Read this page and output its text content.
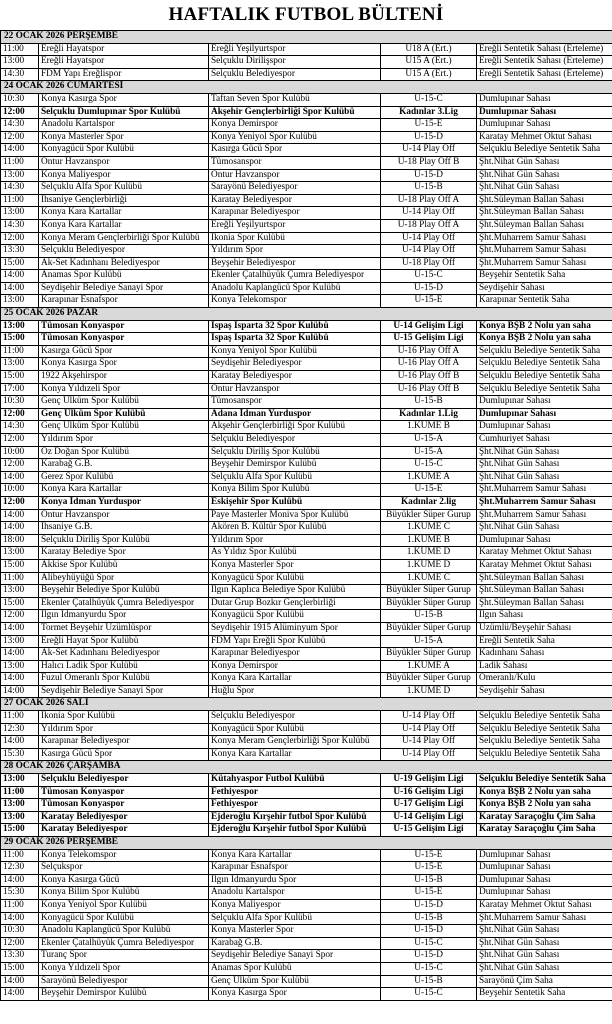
HAFTALIK FUTBOL BÜLTENİ
22 OCAK 2026 PERŞEMBE				
11:00	Ereğli Hayatspor	Ereğli Yeşilyurtspor	U18 A (Ert.)	Ereğli Sentetik Sahası (Erteleme)
13:00	Ereğli Hayatspor	Selçuklu Dirilişspor	U15 A (Ert.)	Ereğli Sentetik Sahası (Erteleme)
14:30	FDM Yapı Ereğlispor	Selçuklu Belediyespor	U15 A (Ert.)	Ereğli Sentetik Sahası (Erteleme)
24 OCAK 2026 CUMARTESİ				
10:30	Konya Kasırga Spor	Taftan Seven Spor Kulübü	U-15-C	Dumlupınar Sahası
12:00	Selçuklu Dumlupınar Spor Kulübü	Akşehir Gençlerbirliği Spor Kulübü	Kadınlar 3.Lig	Dumlupınar Sahası
14:30	Anadolu Kartalspor	Konya Demirspor	U-15-E	Dumlupınar Sahası
12:00	Konya Masterler Spor	Konya Yeniyol Spor Kulübü	U-15-D	Karatay Mehmet Oktut Sahası
14:00	Konyagücü Spor Kulübü	Kasırga Gücü Spor	U-14 Play Off	Selçuklu Belediye Sentetik Saha
11:00	Öntur Havzanspor	Tümosanspor	U-18 Play Off B	Şht.Nihat Gün Sahası
13:00	Konya Maliyespor	Öntur Havzanspor	U-15-D	Şht.Nihat Gün Sahası
14:30	Selçuklu Alfa Spor Kulübü	Sarayönü Belediyespor	U-15-B	Şht.Nihat Gün Sahası
11:00	İhsaniye Gençlerbirliği	Karatay Belediyespor	U-18 Play Off A	Şht.Süleyman Ballan Sahası
13:00	Konya Kara Kartallar	Karapınar Belediyespor	U-14 Play Off	Şht.Süleyman Ballan Sahası
14:30	Konya Kara Kartallar	Ereğli Yeşilyurtspor	U-18 Play Off A	Şht.Süleyman Ballan Sahası
12:00	Konya Meram Gençlerbirliği Spor Kulübü	İkonia Spor Kulübü	U-14 Play Off	Şht.Muharrem Samur Sahası
13:30	Selçuklu Belediyespor	Yıldırım Spor	U-14 Play Off	Şht.Muharrem Samur Sahası
15:00	Ak-Set Kadınhanı Belediyespor	Beyşehir Belediyespor	U-18 Play Off	Şht.Muharrem Samur Sahası
14:00	Anamas Spor Kulübü	Ekenler Çatalhüyük Çumra Belediyespor	U-15-C	Beyşehir Sentetik Saha
14:00	Seydişehir Belediye Sanayi Spor	Anadolu Kaplangücü Spor Kulübü	U-15-D	Seydişehir Sahası
13:00	Karapınar Esnafspor	Konya Telekomspor	U-15-E	Karapınar Sentetik Saha
25 OCAK 2026 PAZAR				
13:00	Tümosan Konyaspor	Ispaş Isparta 32 Spor Kulübü	U-14 Gelişim Ligi	Konya BŞB 2 Nolu yan saha
15:00	Tümosan Konyaspor	Ispaş Isparta 32 Spor Kulübü	U-15 Gelişim Ligi	Konya BŞB 2 Nolu yan saha
11:00	Kasırga Gücü Spor	Konya Yeniyol Spor Kulübü	U-16 Play Off A	Selçuklu Belediye Sentetik Saha
13:00	Konya Kasırga Spor	Seydişehir Belediyespor	U-16 Play Off A	Selçuklu Belediye Sentetik Saha
15:00	1922 Akşehirspor	Karatay Belediyespor	U-16 Play Off B	Selçuklu Belediye Sentetik Saha
17:00	Konya Yıldızeli Spor	Öntur Havzanspor	U-16 Play Off B	Selçuklu Belediye Sentetik Saha
10:30	Genç Ülküm Spor Kulübü	Tümosanspor	U-15-B	Dumlupınar Sahası
12:00	Genç Ülküm Spor Kulübü	Adana İdman Yurduspor	Kadınlar 1.Lig	Dumlupınar Sahası
14:30	Genç Ülküm Spor Kulübü	Akşehir Gençlerbirliği Spor Kulübü	1.KÜME B	Dumlupınar Sahası
12:00	Yıldırım Spor	Selçuklu Belediyespor	U-15-A	Cumhuriyet Sahası
10:00	Öz Doğan Spor Kulübü	Selçuklu Diriliş Spor Kulübü	U-15-A	Şht.Nihat Gün Sahası
12:00	Karabağ G.B.	Beyşehir Demirspor Kulübü	U-15-C	Şht.Nihat Gün Sahası
14:00	Gerez Spor Kulübü	Selçuklu Alfa Spor Kulübü	1.KÜME A	Şht.Nihat Gün Sahası
10:00	Konya Kara Kartallar	Konya Bilim Spor Kulübü	U-15-E	Şht.Muharrem Samur Sahası
12:00	Konya İdman Yurduspor	Eskişehir Spor Kulübü	Kadınlar 2.lig	Şht.Muharrem Samur Sahası
14:00	Öntur Havzanspor	Paye Masterler Moniva Spor Kulübü	Büyükler Süper Gurup	Şht.Muharrem Samur Sahası
14:00	İhsaniye G.B.	Akören B. Kültür Spor Kulübü	1.KÜME C	Şht.Nihat Gün Sahası
18:00	Selçuklu Diriliş Spor Kulübü	Yıldırım Spor	1.KÜME B	Dumlupınar Sahası
13:00	Karatay Belediye Spor	As Yıldız Spor Kulübü	1.KÜME D	Karatay Mehmet Oktut Sahası
15:00	Akkise Spor Kulübü	Konya Masterler Spor	1.KÜME D	Karatay Mehmet Oktut Sahası
11:00	Alibeyhüyüğü Spor	Konyagücü Spor Kulübü	1.KÜME C	Şht.Süleyman Ballan Sahası
13:00	Beyşehir Belediye Spor Kulübü	Ilgın Kaplıca Belediye Spor Kulübü	Büyükler Süper Gurup	Şht.Süleyman Ballan Sahası
15:00	Ekenler Çatalhüyük Çumra Belediyespor	Dutar Grup Bozkır Gençlerbirliği	Büyükler Süper Gurup	Şht.Süleyman Ballan Sahası
12:00	Ilgın İdmanyurdu Spor	Konyagücü Spor Kulübü	U-15-B	Ilgın Sahası
14:00	Tormet Beyşehir Üzümlüspor	Seydişehir 1915 Alüminyum Spor	Büyükler Süper Gurup	Üzümlü/Beyşehir Sahası
13:00	Ereğli Hayat Spor Kulübü	FDM Yapı Ereğli Spor Kulübü	U-15-A	Ereğli Sentetik Saha
14:00	Ak-Set Kadınhanı Belediyespor	Karapınar Belediyespor	Büyükler Süper Gurup	Kadınhanı Sahası
13:00	Halıcı Ladik Spor Kulübü	Konya Demirspor	1.KÜME A	Ladik Sahası
14:00	Fuzul Ömeranlı Spor Kulübü	Konya Kara Kartallar	Büyükler Süper Gurup	Ömeranlı/Kulu
14:00	Seydişehir Belediye Sanayi Spor	Huğlu Spor	1.KÜME D	Seydişehir Sahası
27 OCAK 2026 SALI				
11:00	İkonia Spor Kulübü	Selçuklu Belediyespor	U-14 Play Off	Selçuklu Belediye Sentetik Saha
12:30	Yıldırım Spor	Konyagücü Spor Kulübü	U-14 Play Off	Selçuklu Belediye Sentetik Saha
14:00	Karapınar Belediyespor	Konya Meram Gençlerbirliği Spor Kulübü	U-14 Play Off	Selçuklu Belediye Sentetik Saha
15:30	Kasırga Gücü Spor	Konya Kara Kartallar	U-14 Play Off	Selçuklu Belediye Sentetik Saha
28 OCAK 2026 ÇARŞAMBA				
13:00	Selçuklu Belediyespor	Kütahyaspor Futbol Kulübü	U-19 Gelişim Ligi	Selçuklu Belediye Sentetik Saha
11:00	Tümosan Konyaspor	Fethiyespor	U-16 Gelişim Ligi	Konya BŞB 2 Nolu yan saha
13:00	Tümosan Konyaspor	Fethiyespor	U-17 Gelişim Ligi	Konya BŞB 2 Nolu yan saha
13:00	Karatay Belediyespor	Ejderoğlu Kırşehir futbol Spor Kulübü	U-14 Gelişim Ligi	Karatay Saraçoğlu Çim Saha
15:00	Karatay Belediyespor	Ejderoğlu Kırşehir futbol Spor Kulübü	U-15 Gelişim Ligi	Karatay Saraçoğlu Çim Saha
29 OCAK 2026 PERŞEMBE				
11:00	Konya Telekomspor	Konya Kara Kartallar	U-15-E	Dumlupınar Sahası
12:30	Selçukspor	Karapınar Esnafspor	U-15-E	Dumlupınar Sahası
14:00	Konya Kasırga Gücü	Ilgın İdmanyurdu Spor	U-15-B	Dumlupınar Sahası
15:30	Konya Bilim Spor Kulübü	Anadolu Kartalspor	U-15-E	Dumlupınar Sahası
11:00	Konya Yeniyol Spor Kulübü	Konya Maliyespor	U-15-D	Karatay Mehmet Oktut Sahası
14:00	Konyagücü Spor Kulübü	Selçuklu Alfa Spor Kulübü	U-15-B	Şht.Muharrem Samur Sahası
10:30	Anadolu Kaplangücü Spor Kulübü	Konya Masterler Spor	U-15-D	Şht.Nihat Gün Sahası
12:00	Ekenler Çatalhüyük Çumra Belediyespor	Karabağ G.B.	U-15-C	Şht.Nihat Gün Sahası
13:30	Turanç Spor	Seydişehir Belediye Sanayi Spor	U-15-D	Şht.Nihat Gün Sahası
15:00	Konya Yıldızeli Spor	Anamas Spor Kulübü	U-15-C	Şht.Nihat Gün Sahası
14:00	Sarayönü Belediyespor	Genç Ülküm Spor Kulübü	U-15-B	Sarayönü Çim Saha
14:00	Beyşehir Demirspor Kulübü	Konya Kasırga Spor	U-15-C	Beyşehir Sentetik Saha
